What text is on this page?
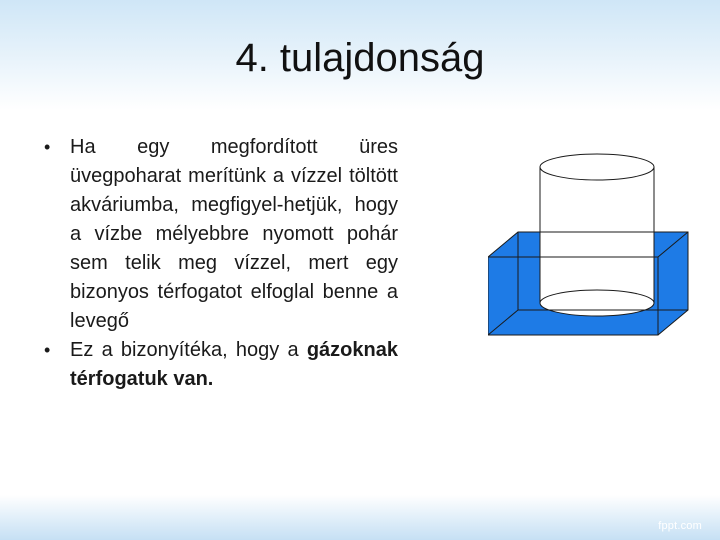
4. tulajdonság
• Ha egy megfordított üres üvegpoharat merítünk a vízzel töltött akváriumba, megfigyel-hetjük, hogy a vízbe mélyebbre nyomott pohár sem telik meg vízzel, mert egy bizonyos térfogatot elfoglal benne a levegő
• Ez a bizonyítéka, hogy a gázoknak térfogatuk van.
fppt.com
